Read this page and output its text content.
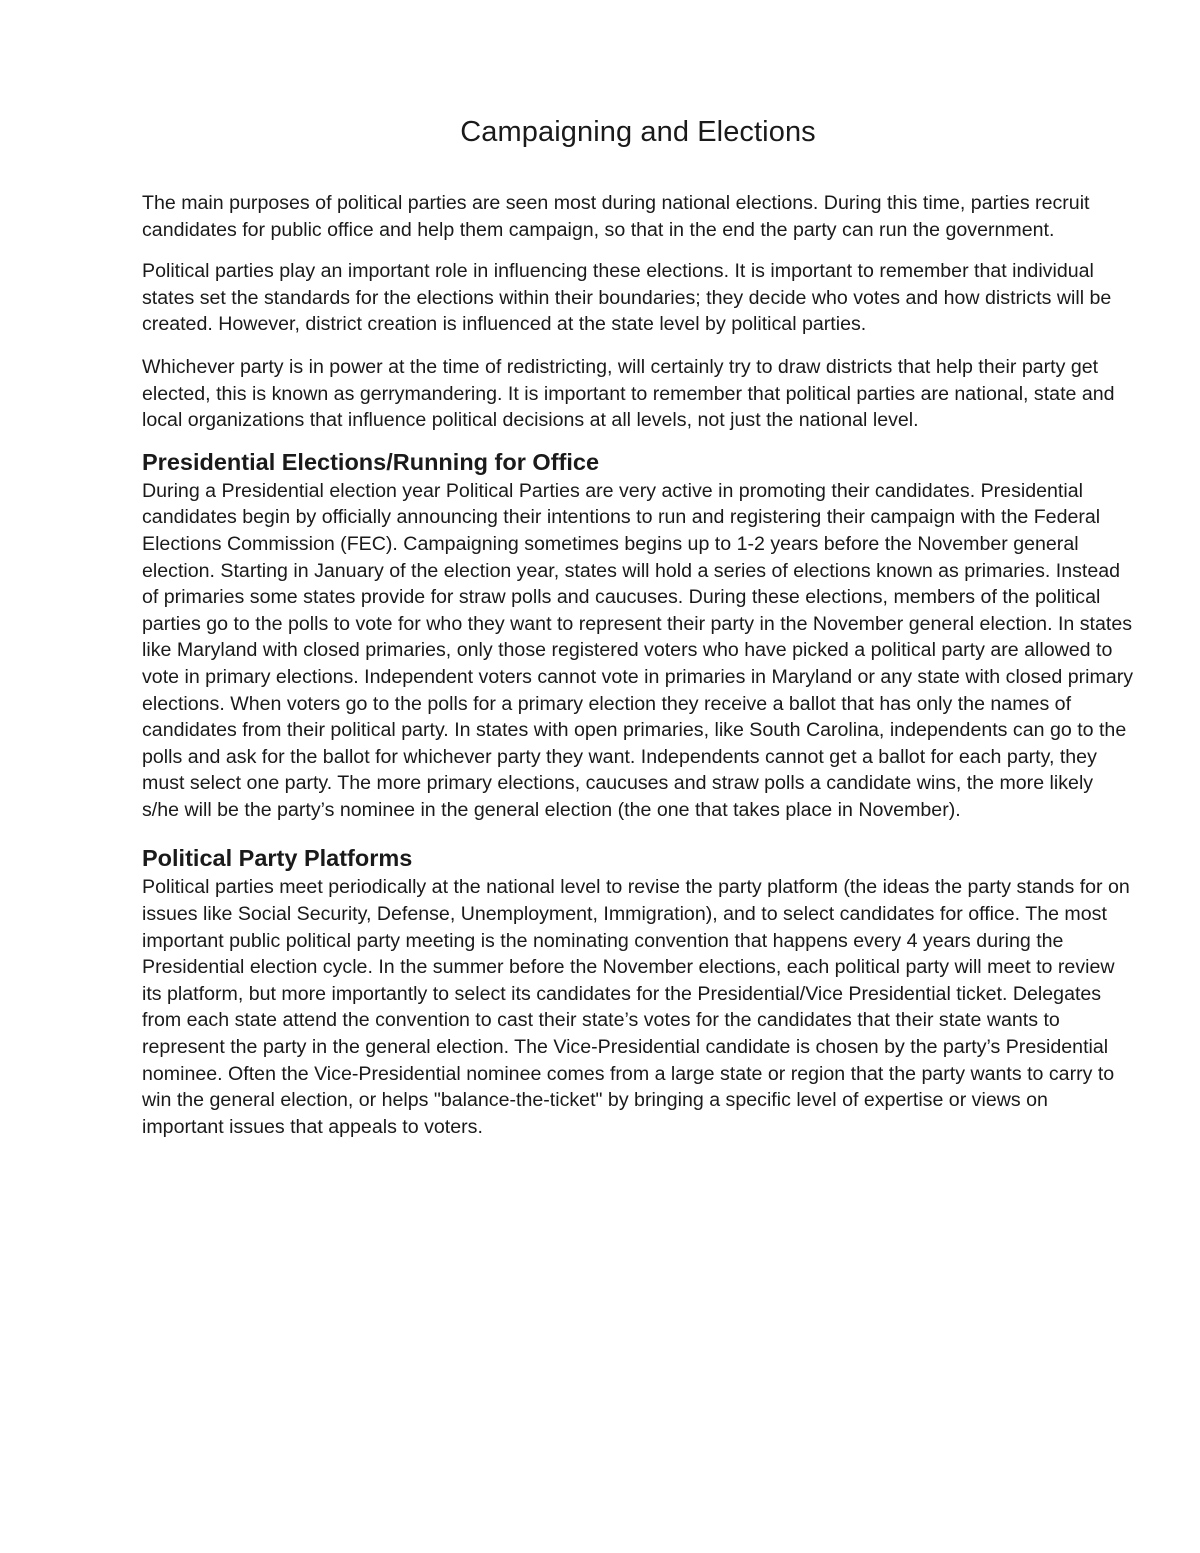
Campaigning and Elections

The main purposes of political parties are seen most during national elections. During this time, parties recruit candidates for public office and help them campaign, so that in the end the party can run the government.

Political parties play an important role in influencing these elections. It is important to remember that individual states set the standards for the elections within their boundaries; they decide who votes and how districts will be created. However, district creation is influenced at the state level by political parties.

Whichever party is in power at the time of redistricting, will certainly try to draw districts that help their party get elected, this is known as gerrymandering. It is important to remember that political parties are national, state and local organizations that influence political decisions at all levels, not just the national level.

Presidential Elections/Running for Office

During a Presidential election year Political Parties are very active in promoting their candidates. Presidential candidates begin by officially announcing their intentions to run and registering their campaign with the Federal Elections Commission (FEC). Campaigning sometimes begins up to 1-2 years before the November general election. Starting in January of the election year, states will hold a series of elections known as primaries. Instead of primaries some states provide for straw polls and caucuses. During these elections, members of the political parties go to the polls to vote for who they want to represent their party in the November general election. In states like Maryland with closed primaries, only those registered voters who have picked a political party are allowed to vote in primary elections. Independent voters cannot vote in primaries in Maryland or any state with closed primary elections. When voters go to the polls for a primary election they receive a ballot that has only the names of candidates from their political party. In states with open primaries, like South Carolina, independents can go to the polls and ask for the ballot for whichever party they want. Independents cannot get a ballot for each party, they must select one party. The more primary elections, caucuses and straw polls a candidate wins, the more likely s/he will be the party’s nominee in the general election (the one that takes place in November).

Political Party Platforms

Political parties meet periodically at the national level to revise the party platform (the ideas the party stands for on issues like Social Security, Defense, Unemployment, Immigration), and to select candidates for office. The most important public political party meeting is the nominating convention that happens every 4 years during the Presidential election cycle. In the summer before the November elections, each political party will meet to review its platform, but more importantly to select its candidates for the Presidential/Vice Presidential ticket. Delegates from each state attend the convention to cast their state’s votes for the candidates that their state wants to represent the party in the general election. The Vice-Presidential candidate is chosen by the party’s Presidential nominee. Often the Vice-Presidential nominee comes from a large state or region that the party wants to carry to win the general election, or helps "balance-the-ticket" by bringing a specific level of expertise or views on important issues that appeals to voters.
